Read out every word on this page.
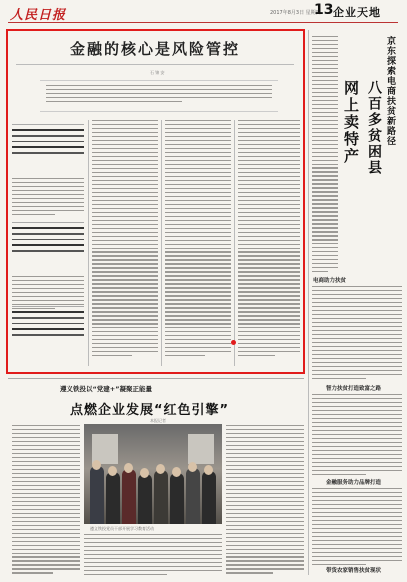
人民日报	2017年8月3日 星期四
13 企业天地
金融的核心是风险管控
石 锦 安
遵义铁投以“党建+”凝聚正能量
点燃企业发展“红色引擎”
本报记者
遵义铁投党员干部开展学习教育活动
京东探索电商扶贫新路径
八百多贫困县
网上卖特产
电商助力扶贫
智力扶贫打造致富之路
金融服务助力品牌打造
带货农家销售扶贫现状
